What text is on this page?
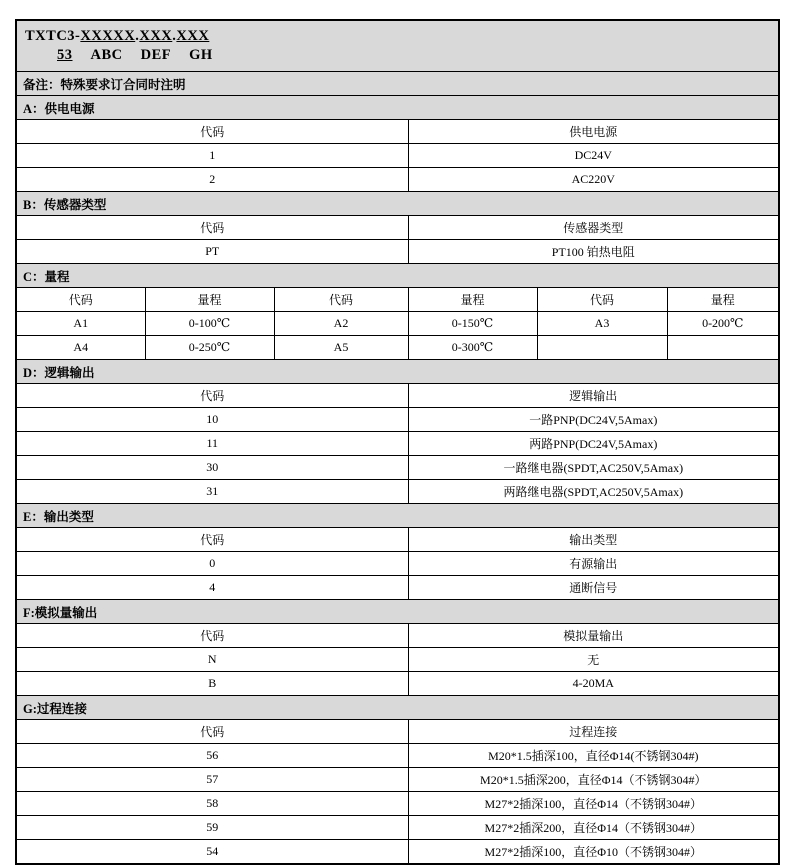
TXTC3-XXXXX.XXX.XXX
53 ABC DEF GH					

备注：特殊要求订合同时注明					
A：供电电源					
代码			供电电源		
1			DC24V		
2			AC220V		
B：传感器类型					
代码			传感器类型		
PT			PT100 铂热电阻		
C：量程					
代码	量程	代码	量程	代码	量程
A1	0-100℃	A2	0-150℃	A3	0-200℃
A4	0-250℃	A5	0-300℃		
D：逻辑输出					
代码			逻辑输出		
10			一路PNP(DC24V,5Amax)		
11			两路PNP(DC24V,5Amax)		
30			一路继电器(SPDT,AC250V,5Amax)		
31			两路继电器(SPDT,AC250V,5Amax)		
E：输出类型					
代码			输出类型		
0			有源输出		
4			通断信号		
F:模拟量输出					
代码			模拟量输出		
N			无		
B			4-20MA		
G:过程连接					
代码			过程连接		
56			M20*1.5插深100，直径Φ14(不锈钢304#)		
57			M20*1.5插深200，直径Φ14（不锈钢304#）		
58			M27*2插深100，直径Φ14（不锈钢304#）		
59			M27*2插深200，直径Φ14（不锈钢304#）		
54			M27*2插深100，直径Φ10（不锈钢304#）		
